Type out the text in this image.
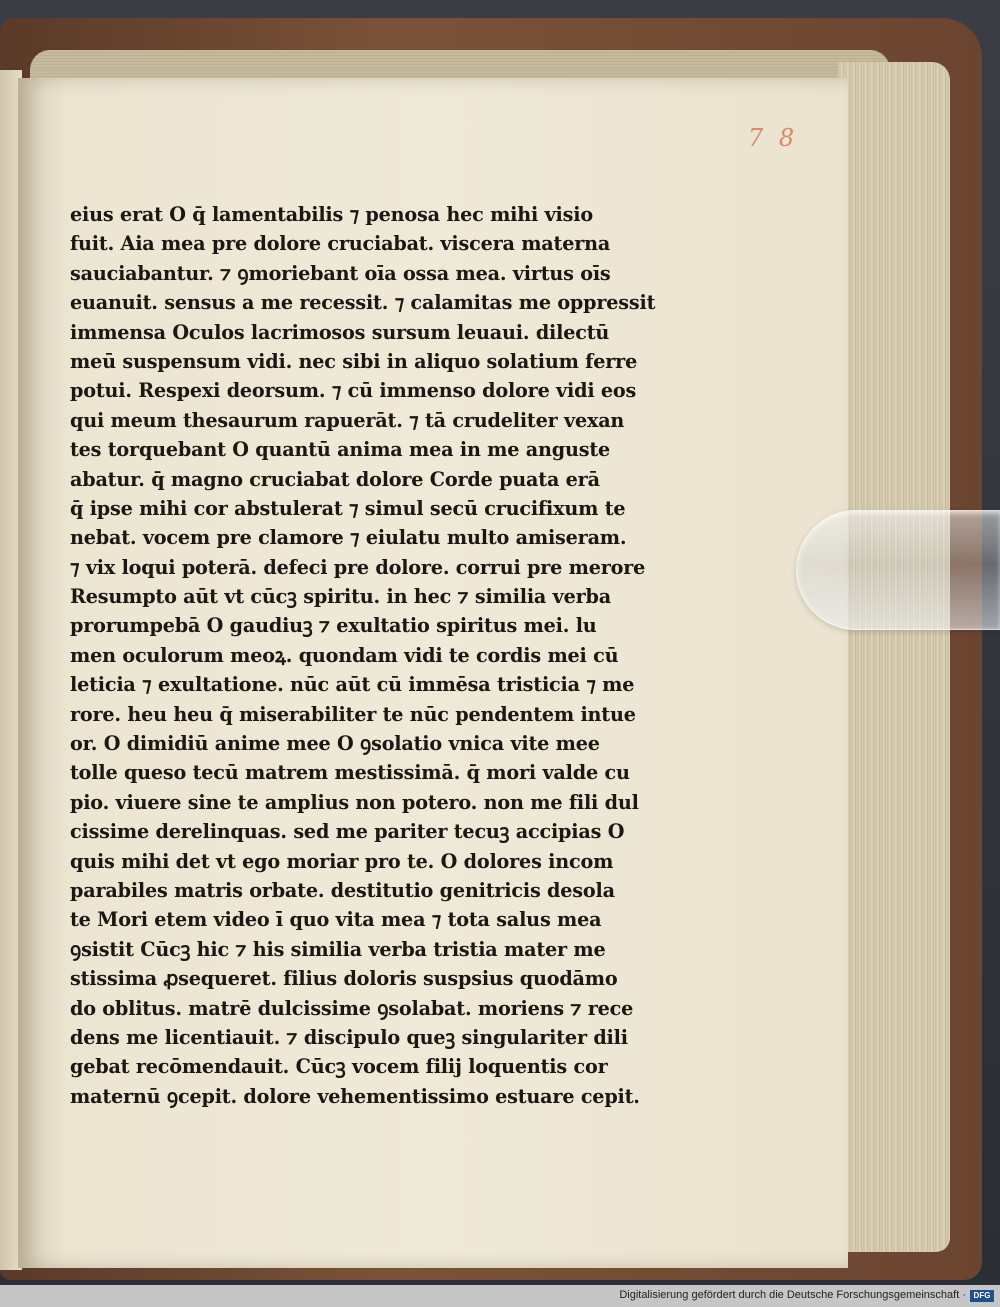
7 8

eius erat O q̄ lamentabilis ⁊ penosa hec mihi visio
fuit. Aia mea pre dolore cruciabat. viscera materna
sauciabantur. ⁊ ꝯmoriebant oīa ossa mea. virtus oīs
euanuit. sensus a me recessit. ⁊ calamitas me oppressit
immensa Oculos lacrimosos sursum leuaui. dilectū
meū suspensum vidi. nec sibi in aliquo solatium ferre
potui. Respexi deorsum. ⁊ cū immenso dolore vidi eos
qui meum thesaurum rapuerāt. ⁊ tā crudeliter vexan
tes torquebant O quantū anima mea in me anguste
abatur. q̄ magno cruciabat dolore Corde puata erā
q̄ ipse mihi cor abstulerat ⁊ simul secū crucifixum te
nebat. vocem pre clamore ⁊ eiulatu multo amiseram.
⁊ vix loqui poterā. defeci pre dolore. corrui pre merore
Resumpto aūt vt cūcꝫ spiritu. in hec ⁊ similia verba
prorumpebā O gaudiuꝫ ⁊ exultatio spiritus mei. lu
men oculorum meoꝝ. quondam vidi te cordis mei cū
leticia ⁊ exultatione. nūc aūt cū immēsa tristicia ⁊ me
rore. heu heu q̄ miserabiliter te nūc pendentem intue
or. O dimidiū anime mee O ꝯsolatio vnica vite mee
tolle queso tecū matrem mestissimā. q̄ mori valde cu
pio. viuere sine te amplius non potero. non me fili dul
cissime derelinquas. sed me pariter tecuꝫ accipias O
quis mihi det vt ego moriar pro te. O dolores incom
parabiles matris orbate. destitutio genitricis desola
te Mori etem video ī quo vita mea ⁊ tota salus mea
ꝯsistit Cūcꝫ hic ⁊ his similia verba tristia mater me
stissima ꝓsequeret. filius doloris suspsius quodāmo
do oblitus. matrē dulcissime ꝯsolabat. moriens ⁊ rece
dens me licentiauit. ⁊ discipulo queꝫ singulariter dili
gebat recōmendauit. Cūcꝫ vocem filij loquentis cor
maternū ꝯcepit. dolore vehementissimo estuare cepit.
Digitalisierung gefördert durch die Deutsche Forschungsgemeinschaft · DFG
